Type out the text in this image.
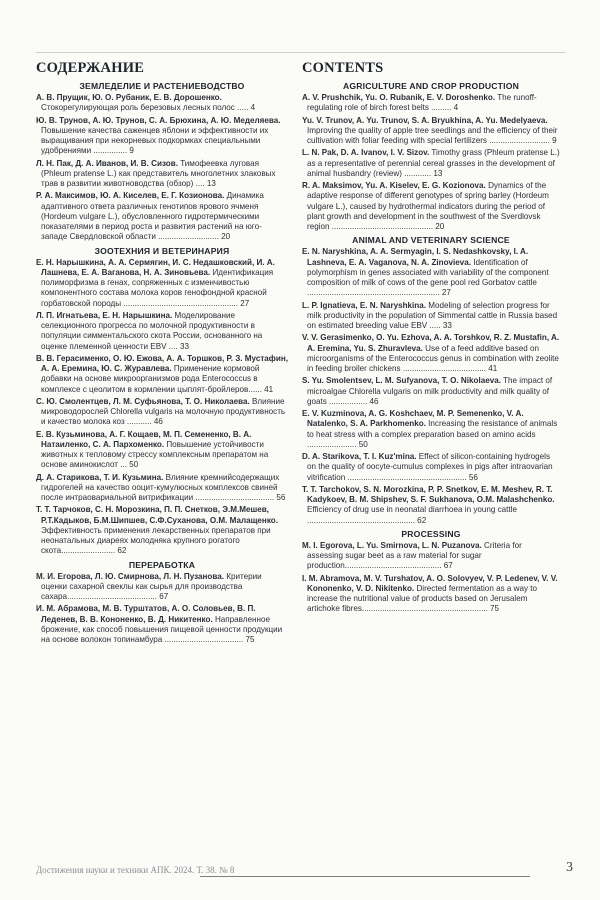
СОДЕРЖАНИЕ
ЗЕМЛЕДЕЛИЕ И РАСТЕНИЕВОДСТВО
А. В. Прущик, Ю. О. Рубаник, Е. В. Дорошенко. Стокорегулирующая роль березовых лесных полос ..... 4
Ю. В. Трунов, А. Ю. Трунов, С. А. Брюхина, А. Ю. Меделяева. Повышение качества саженцев яблони и эффективности их выращивания при некорневых подкормках специальными удобрениями ............... 9
Л. Н. Пак, Д. А. Иванов, И. В. Сизов. Тимофеевка луговая (Phleum pratense L.) как представитель многолетних злаковых трав в развитии животноводства (обзор) .... 13
Р. А. Максимов, Ю. А. Киселев, Е. Г. Козионова. Динамика адаптивного ответа различных генотипов ярового ячменя (Hordeum vulgare L.), обусловленного гидротермическими показателями в период роста и развития растений на юго-западе Свердловской области ........................... 20
ЗООТЕХНИЯ И ВЕТЕРИНАРИЯ
Е. Н. Нарышкина, А. А. Сермягин, И. С. Недашковский, И. А. Лашнева, Е. А. Ваганова, Н. А. Зиновьева. Идентификация полиморфизма в генах, сопряженных с изменчивостью компонентного состава молока коров генофондной красной горбатовской породы ................................................... 27
Л. П. Игнатьева, Е. Н. Нарышкина. Моделирование селекционного прогресса по молочной продуктивности в популяции симментальского скота России, основанного на оценке племенной ценности EBV .... 33
В. В. Герасименко, О. Ю. Ежова, А. А. Торшков, Р. З. Мустафин, А. А. Еремина, Ю. С. Журавлева. Применение кормовой добавки на основе микроорганизмов рода Enterococcus в комплексе с цеолитом в кормлении цыплят-бройлеров...... 41
С. Ю. Смолентцев, Л. М. Суфьянова, Т. О. Николаева. Влияние микроводорослей Chlorella vulgaris на молочную продуктивность и качество молока коз ........... 46
Е. В. Кузьминова, А. Г. Кощаев, М. П. Семененко, В. А. Натаиленко, С. А. Пархоменко. Повышение устойчивости животных к тепловому стрессу комплексным препаратом на основе аминокислот ... 50
Д. А. Старикова, Т. И. Кузьмина. Влияние кремнийсодержащих гидрогелей на качество ооцит-кумулюсных комплексов свиней после интраовариальной витрификации ................................... 56
Т. Т. Тарчоков, С. Н. Морозкина, П. П. Снетков, Э.М.Мешев, Р.Т.Кадыков, Б.М.Шипшев, С.Ф.Суханова, О.М. Малащенко. Эффективность применения лекарственных препаратов при неонатальных диареях молодняка крупного рогатого скота........................ 62
ПЕРЕРАБОТКА
М. И. Егорова, Л. Ю. Смирнова, Л. Н. Пузанова. Критерии оценки сахарной свеклы как сырья для производства сахара........................................ 67
И. М. Абрамова, М. В. Турштатов, А. О. Соловьев, В. П. Леденев, В. В. Кононенко, В. Д. Никитенко. Направленное брожение, как способ повышения пищевой ценности продукции на основе волокон топинамбура ................................... 75
CONTENTS
AGRICULTURE AND CROP PRODUCTION
A. V. Prushchik, Yu. O. Rubanik, E. V. Doroshenko. The runoff-regulating role of birch forest belts ......... 4
Yu. V. Trunov, A. Yu. Trunov, S. A. Bryukhina, A. Yu. Medelyaeva. Improving the quality of apple tree seedlings and the efficiency of their cultivation with foliar feeding with special fertilizers ........................... 9
L. N. Pak, D. A. Ivanov, I. V. Sizov. Timothy grass (Phleum pratense L.) as a representative of perennial cereal grasses in the development of animal husbandry (review) ............ 13
R. A. Maksimov, Yu. A. Kiselev, E. G. Kozionova. Dynamics of the adaptive response of different genotypes of spring barley (Hordeum vulgare L.), caused by hydrothermal indicators during the period of plant growth and development in the southwest of the Sverdlovsk region ............................................. 20
ANIMAL AND VETERINARY SCIENCE
E. N. Naryshkina, A. A. Sermyagin, I. S. Nedashkovsky, I. A. Lashneva, E. A. Vaganova, N. A. Zinovieva. Identification of polymorphism in genes associated with variability of the component composition of milk of cows of the gene pool red Gorbatov cattle ........................................................... 27
L. P. Ignatieva, E. N. Naryshkina. Modeling of selection progress for milk productivity in the population of Simmental cattle in Russia based on estimated breeding value EBV ..... 33
V. V. Gerasimenko, O. Yu. Ezhova, A. A. Torshkov, R. Z. Mustafin, A. A. Eremina, Yu. S. Zhuravleva. Use of a feed additive based on microorganisms of the Enterococcus genus in combination with zeolite in feeding broiler chickens ..................................... 41
S. Yu. Smolentsev, L. M. Sufyanova, T. O. Nikolaeva. The impact of microalgae Chlorella vulgaris on milk productivity and milk quality of goats ................. 46
E. V. Kuzminova, A. G. Koshchaev, M. P. Semenenko, V. A. Natalenko, S. A. Parkhomenko. Increasing the resistance of animals to heat stress with a complex preparation based on amino acids ...................... 50
D. A. Starikova, T. I. Kuz'mina. Effect of silicon-containing hydrogels on the quality of oocyte-cumulus complexes in pigs after intraovarian vitrification ..................................................... 56
T. T. Tarchokov, S. N. Morozkina, P. P. Snetkov, E. M. Meshev, R. T. Kadykoev, B. M. Shipshev, S. F. Sukhanova, O.M. Malashchenko. Efficiency of drug use in neonatal diarrhoea in young cattle ................................................ 62
PROCESSING
M. I. Egorova, L. Yu. Smirnova, L. N. Puzanova. Criteria for assessing sugar beet as a raw material for sugar production........................................... 67
I. M. Abramova, M. V. Turshatov, A. O. Solovyev, V. P. Ledenev, V. V. Kononenko, V. D. Nikitenko. Directed fermentation as a way to increase the nutritional value of products based on Jerusalem artichoke fibres........................................................ 75
Достижения науки и техники АПК. 2024. Т. 38. № 8	3
